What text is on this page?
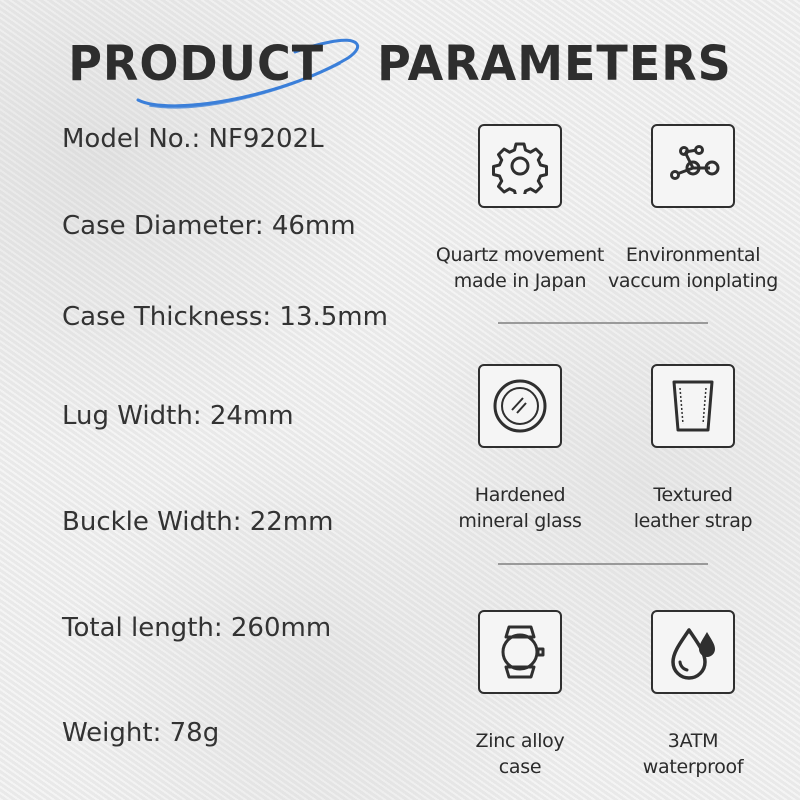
PRODUCT PARAMETERS
Model No.: NF9202L
Case Diameter: 46mm
Case Thickness: 13.5mm
Lug Width: 24mm
Buckle Width: 22mm
Total length: 260mm
Weight: 78g
Quartz movement
made in Japan
Environmental
vaccum ionplating
Hardened
mineral glass
Textured
leather strap
Zinc alloy
case
3ATM
waterproof
